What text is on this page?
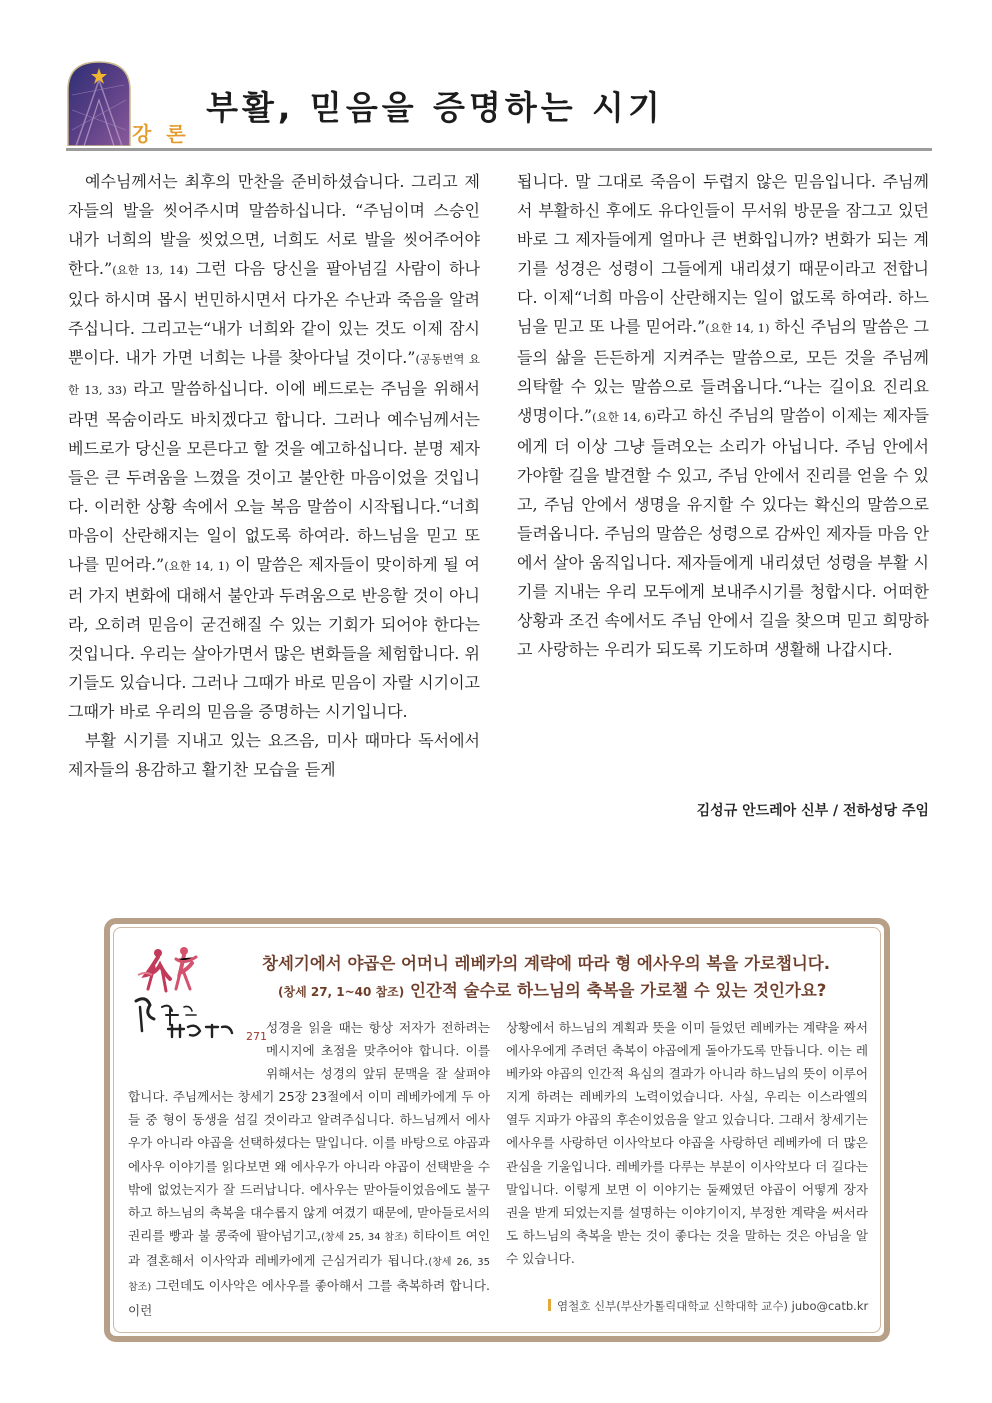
강 론
부활, 믿음을 증명하는 시기

예수님께서는 최후의 만찬을 준비하셨습니다. 그리고 제자들의 발을 씻어주시며 말씀하십니다. “주님이며 스승인 내가 너희의 발을 씻었으면, 너희도 서로 발을 씻어주어야 한다.”(요한 13, 14) 그런 다음 당신을 팔아넘길 사람이 하나 있다 하시며 몹시 번민하시면서 다가온 수난과 죽음을 알려주십니다. 그리고는“내가 너희와 같이 있는 것도 이제 잠시뿐이다. 내가 가면 너희는 나를 찾아다닐 것이다.”(공동번역 요한 13, 33) 라고 말씀하십니다. 이에 베드로는 주님을 위해서라면 목숨이라도 바치겠다고 합니다. 그러나 예수님께서는 베드로가 당신을 모른다고 할 것을 예고하십니다. 분명 제자들은 큰 두려움을 느꼈을 것이고 불안한 마음이었을 것입니다. 이러한 상황 속에서 오늘 복음 말씀이 시작됩니다.“너희 마음이 산란해지는 일이 없도록 하여라. 하느님을 믿고 또 나를 믿어라.”(요한 14, 1) 이 말씀은 제자들이 맞이하게 될 여러 가지 변화에 대해서 불안과 두려움으로 반응할 것이 아니라, 오히려 믿음이 굳건해질 수 있는 기회가 되어야 한다는 것입니다. 우리는 살아가면서 많은 변화들을 체험합니다. 위기들도 있습니다. 그러나 그때가 바로 믿음이 자랄 시기이고 그때가 바로 우리의 믿음을 증명하는 시기입니다.

부활 시기를 지내고 있는 요즈음, 미사 때마다 독서에서 제자들의 용감하고 활기찬 모습을 듣게

됩니다. 말 그대로 죽음이 두렵지 않은 믿음입니다. 주님께서 부활하신 후에도 유다인들이 무서워 방문을 잠그고 있던 바로 그 제자들에게 얼마나 큰 변화입니까? 변화가 되는 계기를 성경은 성령이 그들에게 내리셨기 때문이라고 전합니다. 이제“너희 마음이 산란해지는 일이 없도록 하여라. 하느님을 믿고 또 나를 믿어라.”(요한 14, 1) 하신 주님의 말씀은 그들의 삶을 든든하게 지켜주는 말씀으로, 모든 것을 주님께 의탁할 수 있는 말씀으로 들려옵니다.“나는 길이요 진리요 생명이다.”(요한 14, 6)라고 하신 주님의 말씀이 이제는 제자들에게 더 이상 그냥 들려오는 소리가 아닙니다. 주님 안에서 가야할 길을 발견할 수 있고, 주님 안에서 진리를 얻을 수 있고, 주님 안에서 생명을 유지할 수 있다는 확신의 말씀으로 들려옵니다. 주님의 말씀은 성령으로 감싸인 제자들 마음 안에서 살아 움직입니다. 제자들에게 내리셨던 성령을 부활 시기를 지내는 우리 모두에게 보내주시기를 청합시다. 어떠한 상황과 조건 속에서도 주님 안에서 길을 찾으며 믿고 희망하고 사랑하는 우리가 되도록 기도하며 생활해 나갑시다.

김성규 안드레아 신부 / 전하성당 주임
271
창세기에서 야곱은 어머니 레베카의 계략에 따라 형 에사우의 복을 가로챕니다.
(창세 27, 1~40 참조) 인간적 술수로 하느님의 축복을 가로챌 수 있는 것인가요?

성경을 읽을 때는 항상 저자가 전하려는 메시지에 초점을 맞추어야 합니다. 이를 위해서는 성경의 앞뒤 문맥을 잘 살펴야 합니다. 주님께서는 창세기 25장 23절에서 이미 레베카에게 두 아들 중 형이 동생을 섬길 것이라고 알려주십니다. 하느님께서 에사우가 아니라 야곱을 선택하셨다는 말입니다. 이를 바탕으로 야곱과 에사우 이야기를 읽다보면 왜 에사우가 아니라 야곱이 선택받을 수밖에 없었는지가 잘 드러납니다. 에사우는 맏아들이었음에도 불구하고 하느님의 축복을 대수롭지 않게 여겼기 때문에, 맏아들로서의 권리를 빵과 불 콩죽에 팔아넘기고,(창세 25, 34 참조) 히타이트 여인과 결혼해서 이사악과 레베카에게 근심거리가 됩니다.(창세 26, 35 참조) 그런데도 이사악은 에사우를 좋아해서 그를 축복하려 합니다. 이런

상황에서 하느님의 계획과 뜻을 이미 들었던 레베카는 계략을 짜서 에사우에게 주려던 축복이 야곱에게 돌아가도록 만듭니다. 이는 레베카와 야곱의 인간적 욕심의 결과가 아니라 하느님의 뜻이 이루어지게 하려는 레베카의 노력이었습니다. 사실, 우리는 이스라엘의 열두 지파가 야곱의 후손이었음을 알고 있습니다. 그래서 창세기는 에사우를 사랑하던 이사악보다 야곱을 사랑하던 레베카에 더 많은 관심을 기울입니다. 레베카를 다루는 부분이 이사악보다 더 길다는 말입니다. 이렇게 보면 이 이야기는 둘째였던 야곱이 어떻게 장자권을 받게 되었는지를 설명하는 이야기이지, 부정한 계략을 써서라도 하느님의 축복을 받는 것이 좋다는 것을 말하는 것은 아님을 알 수 있습니다.

염철호 신부(부산가톨릭대학교 신학대학 교수) jubo@catb.kr
